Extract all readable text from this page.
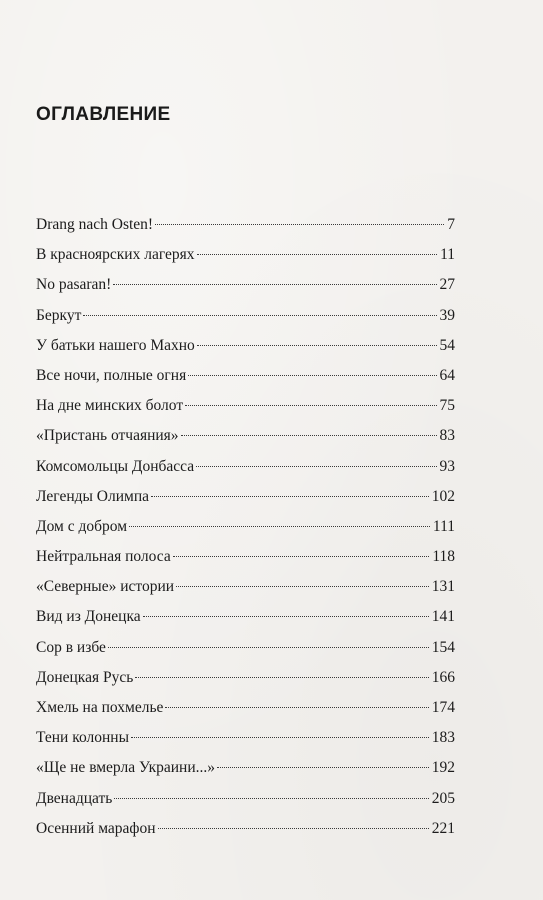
ОГЛАВЛЕНИЕ
Drang nach Osten!	7
В красноярских лагерях	11
No pasaran!	27
Беркут	39
У батьки нашего Махно	54
Все ночи, полные огня	64
На дне минских болот	75
«Пристань отчаяния»	83
Комсомольцы Донбасса	93
Легенды Олимпа	102
Дом с добром	111
Нейтральная полоса	118
«Северные» истории	131
Вид из Донецка	141
Сор в избе	154
Донецкая Русь	166
Хмель на похмелье	174
Тени колонны	183
«Ще не вмерла Украини...»	192
Двенадцать	205
Осенний марафон	221
